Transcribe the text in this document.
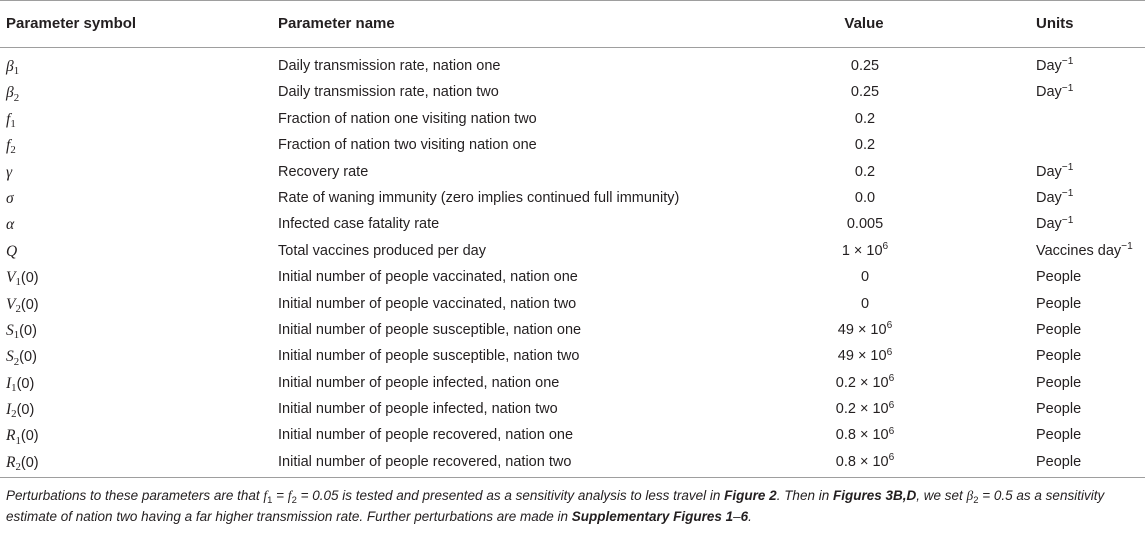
Parameter symbol	Parameter name	Value	Units
$\beta_1$	Daily transmission rate, nation one	0.25	Day$^{-1}$
$\beta_2$	Daily transmission rate, nation two	0.25	Day$^{-1}$
$f_1$	Fraction of nation one visiting nation two	0.2
$f_2$	Fraction of nation two visiting nation one	0.2
γ	Recovery rate	0.2	Day$^{-1}$
σ	Rate of waning immunity (zero implies continued full immunity)	0.0	Day$^{-1}$
α	Infected case fatality rate	0.005	Day$^{-1}$
Q	Total vaccines produced per day	$1 \times 10^6$	Vaccines day$^{-1}$
$V_1(0)$	Initial number of people vaccinated, nation one	0	People
$V_2(0)$	Initial number of people vaccinated, nation two	0	People
$S_1(0)$	Initial number of people susceptible, nation one	$49 \times 10^6$	People
$S_2(0)$	Initial number of people susceptible, nation two	$49 \times 10^6$	People
$I_1(0)$	Initial number of people infected, nation one	$0.2 \times 10^6$	People
$I_2(0)$	Initial number of people infected, nation two	$0.2 \times 10^6$	People
$R_1(0)$	Initial number of people recovered, nation one	$0.8 \times 10^6$	People
$R_2(0)$	Initial number of people recovered, nation two	$0.8 \times 10^6$	People
Perturbations to these parameters are that $f_1 = f_2 = 0.05$ is tested and presented as a sensitivity analysis to less travel in Figure 2. Then in Figures 3B,D, we set $\beta_2 = 0.5$ as a sensitivity estimate of nation two having a far higher transmission rate. Further perturbations are made in Supplementary Figures 1–6.
